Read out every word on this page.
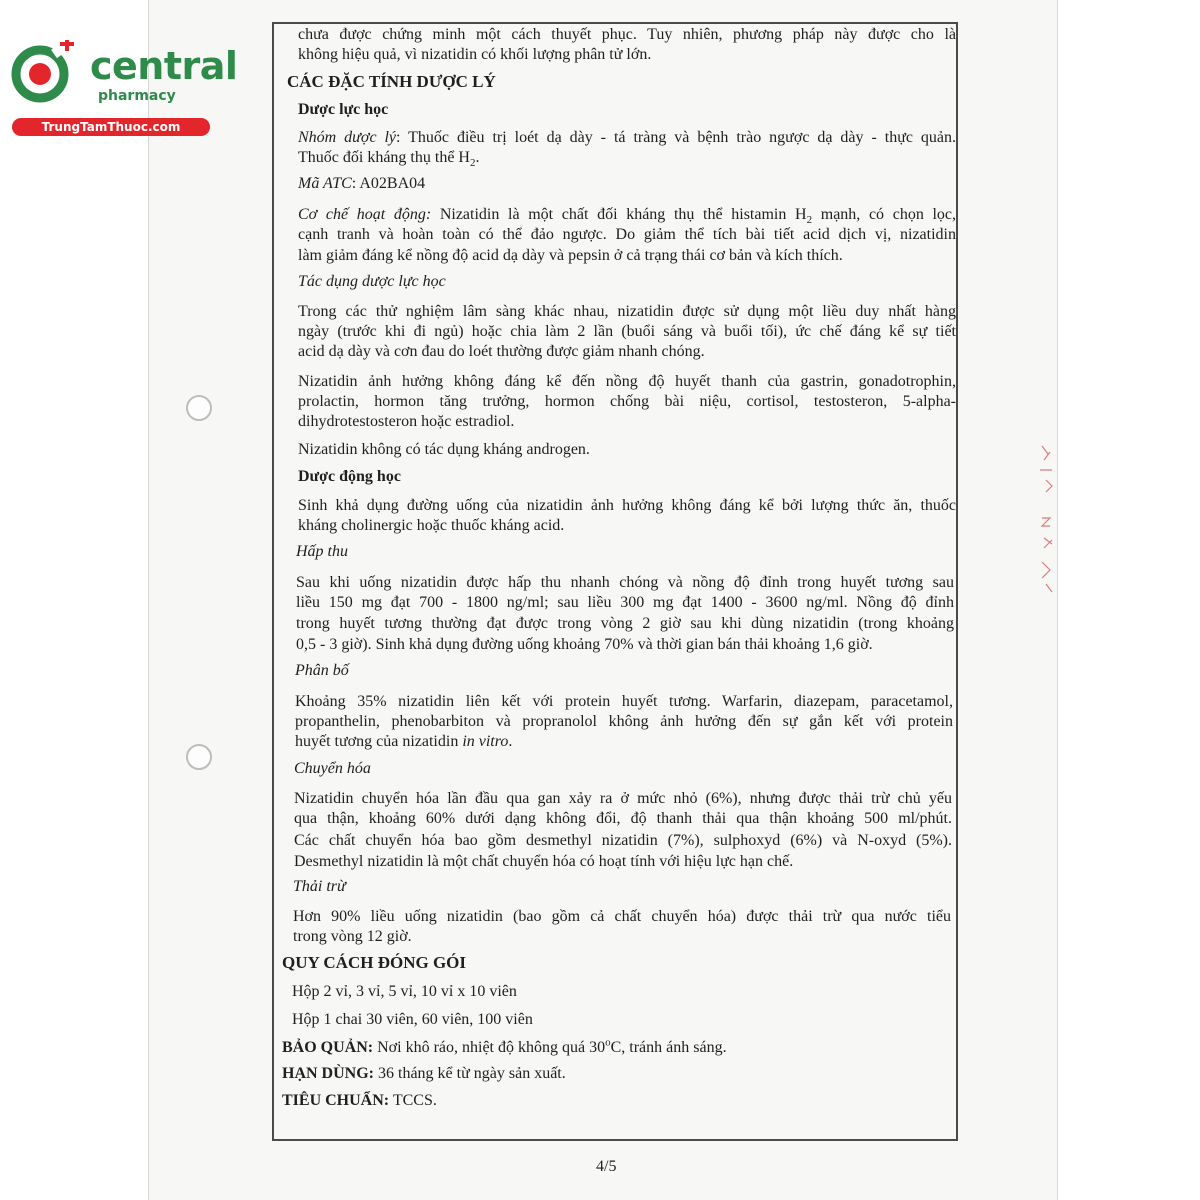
central
pharmacy
TrungTamThuoc.com
chưa được chứng minh một cách thuyết phục. Tuy nhiên, phương pháp này được cho là
không hiệu quả, vì nizatidin có khối lượng phân tử lớn.
CÁC ĐẶC TÍNH DƯỢC LÝ
Dược lực học
Nhóm dược lý: Thuốc điều trị loét dạ dày - tá tràng và bệnh trào ngược dạ dày - thực quản.
Thuốc đối kháng thụ thể $H_2$.
Mã ATC: A02BA04
Cơ chế hoạt động: Nizatidin là một chất đối kháng thụ thể histamin $H_2$ mạnh, có chọn lọc,
cạnh tranh và hoàn toàn có thể đảo ngược. Do giảm thể tích bài tiết acid dịch vị, nizatidin
làm giảm đáng kể nồng độ acid dạ dày và pepsin ở cả trạng thái cơ bản và kích thích.
Tác dụng dược lực học
Trong các thử nghiệm lâm sàng khác nhau, nizatidin được sử dụng một liều duy nhất hàng
ngày (trước khi đi ngủ) hoặc chia làm 2 lần (buổi sáng và buổi tối), ức chế đáng kể sự tiết
acid dạ dày và cơn đau do loét thường được giảm nhanh chóng.
Nizatidin ảnh hưởng không đáng kể đến nồng độ huyết thanh của gastrin, gonadotrophin,
prolactin, hormon tăng trưởng, hormon chống bài niệu, cortisol, testosteron, 5-alpha-
dihydrotestosteron hoặc estradiol.
Nizatidin không có tác dụng kháng androgen.
Dược động học
Sinh khả dụng đường uống của nizatidin ảnh hưởng không đáng kể bởi lượng thức ăn, thuốc
kháng cholinergic hoặc thuốc kháng acid.
Hấp thu
Sau khi uống nizatidin được hấp thu nhanh chóng và nồng độ đỉnh trong huyết tương sau
liều 150 mg đạt 700 - 1800 ng/ml; sau liều 300 mg đạt 1400 - 3600 ng/ml. Nồng độ đỉnh
trong huyết tương thường đạt được trong vòng 2 giờ sau khi dùng nizatidin (trong khoảng
0,5 - 3 giờ). Sinh khả dụng đường uống khoảng 70% và thời gian bán thải khoảng 1,6 giờ.
Phân bố
Khoảng 35% nizatidin liên kết với protein huyết tương. Warfarin, diazepam, paracetamol,
propanthelin, phenobarbiton và propranolol không ảnh hưởng đến sự gắn kết với protein
huyết tương của nizatidin in vitro.
Chuyển hóa
Nizatidin chuyển hóa lần đầu qua gan xảy ra ở mức nhỏ (6%), nhưng được thải trừ chủ yếu
qua thận, khoảng 60% dưới dạng không đổi, độ thanh thải qua thận khoảng 500 ml/phút.
Các chất chuyển hóa bao gồm desmethyl nizatidin (7%), sulphoxyd (6%) và N-oxyd (5%).
Desmethyl nizatidin là một chất chuyển hóa có hoạt tính với hiệu lực hạn chế.
Thải trừ
Hơn 90% liều uống nizatidin (bao gồm cả chất chuyển hóa) được thải trừ qua nước tiểu
trong vòng 12 giờ.
QUY CÁCH ĐÓNG GÓI
Hộp 2 vỉ, 3 vỉ, 5 vỉ, 10 vỉ x 10 viên
Hộp 1 chai 30 viên, 60 viên, 100 viên
BẢO QUẢN: Nơi khô ráo, nhiệt độ không quá 30$^o$C, tránh ánh sáng.
HẠN DÙNG: 36 tháng kể từ ngày sản xuất.
TIÊU CHUẨN: TCCS.
4/5
